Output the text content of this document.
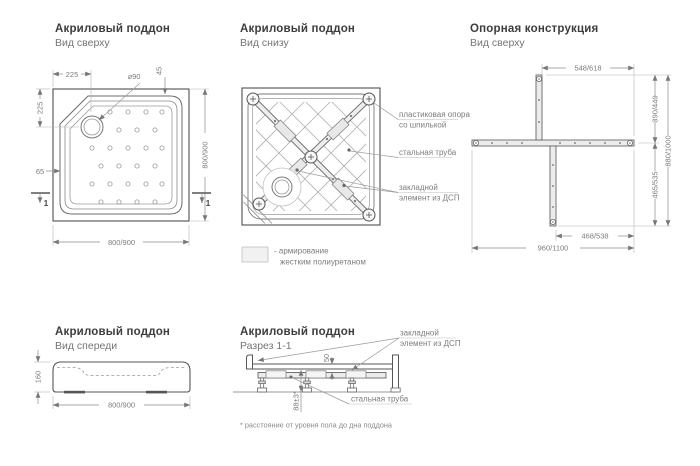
Акриловый поддон
Вид сверху
Акриловый поддон
Вид снизу
Опорная конструкция
Вид сверху
Акриловый поддон
Вид спереди
Акриловый поддон
Разрез 1-1
225
225
65
⌀90
45
800/900
800/900
1	1
пластиковая опора
со шпилькой
стальная труба
закладной
элемент из ДСП
- армирование
жестким полиуретаном
548/618
390/440
465/535
880/1000
468/538
960/1100
160
800/900
50
88±3*
закладной
элемент из ДСП
стальная труба
* расстояние от уровня пола до дна поддона
